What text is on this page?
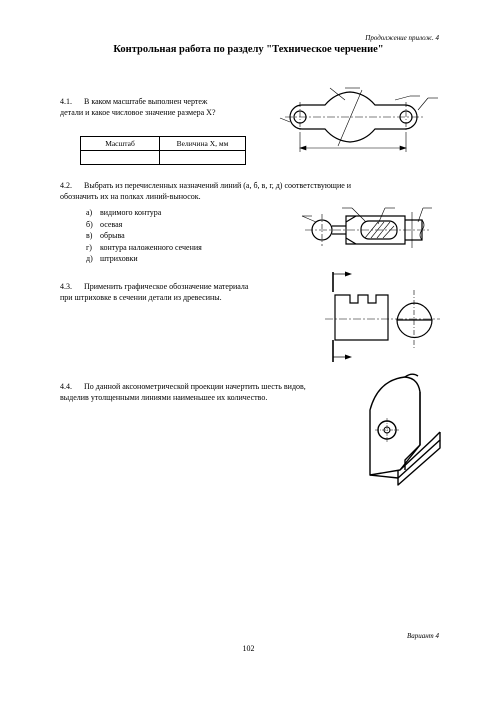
Продолжение прилож. 4
Контрольная работа по разделу "Техническое черчение"
4.1. В каком масштабе выполнен чертеж
детали и какое числовое значение размера X?
Масштаб	Величина X, мм

4.2. Выбрать из перечисленных назначений линий (а, б, в, г, д) соответствующие и
обозначить их на полках линий-выносок.
а) видимого контура
б) осевая
в) обрыва
г) контура наложенного сечения
д) штриховки
4.3. Применить графическое обозначение материала
при штриховке в сечении детали из древесины.
4.4. По данной аксонометрической проекции начертить шесть видов,
выделив утолщенными линиями наименьшее их количество.
Вариант 4
102
